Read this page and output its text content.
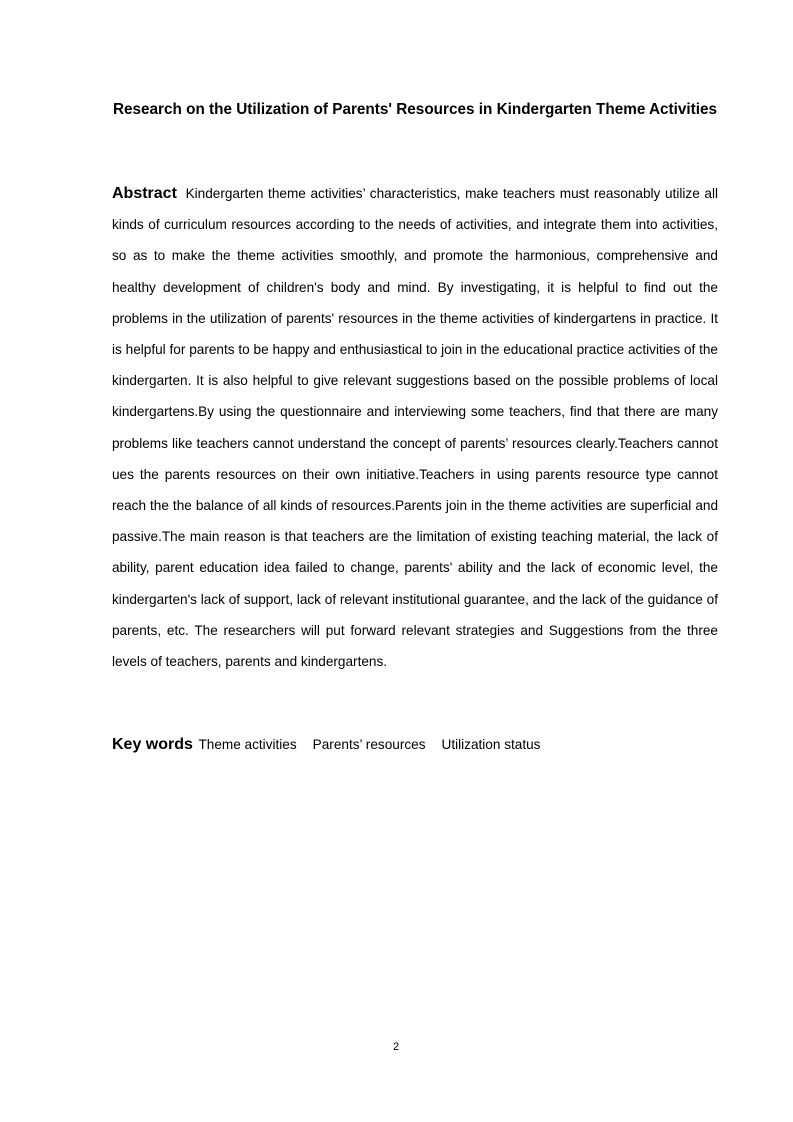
Research on the Utilization of Parents' Resources in Kindergarten Theme Activities

Abstract Kindergarten theme activities’ characteristics, make teachers must reasonably utilize all kinds of curriculum resources according to the needs of activities, and integrate them into activities, so as to make the theme activities smoothly, and promote the harmonious, comprehensive and healthy development of children's body and mind. By investigating, it is helpful to find out the problems in the utilization of parents' resources in the theme activities of kindergartens in practice. It is helpful for parents to be happy and enthusiastical to join in the educational practice activities of the kindergarten. It is also helpful to give relevant suggestions based on the possible problems of local kindergartens.By using the questionnaire and interviewing some teachers, find that there are many problems like teachers cannot understand the concept of parents’ resources clearly.Teachers cannot ues the parents resources on their own initiative.Teachers in using parents resource type cannot reach the the balance of all kinds of resources.Parents join in the theme activities are superficial and passive.The main reason is that teachers are the limitation of existing teaching material, the lack of ability, parent education idea failed to change, parents' ability and the lack of economic level, the kindergarten's lack of support, lack of relevant institutional guarantee, and the lack of the guidance of parents, etc. The researchers will put forward relevant strategies and Suggestions from the three levels of teachers, parents and kindergartens.

Key words Theme activities Parents’ resources Utilization status

2
